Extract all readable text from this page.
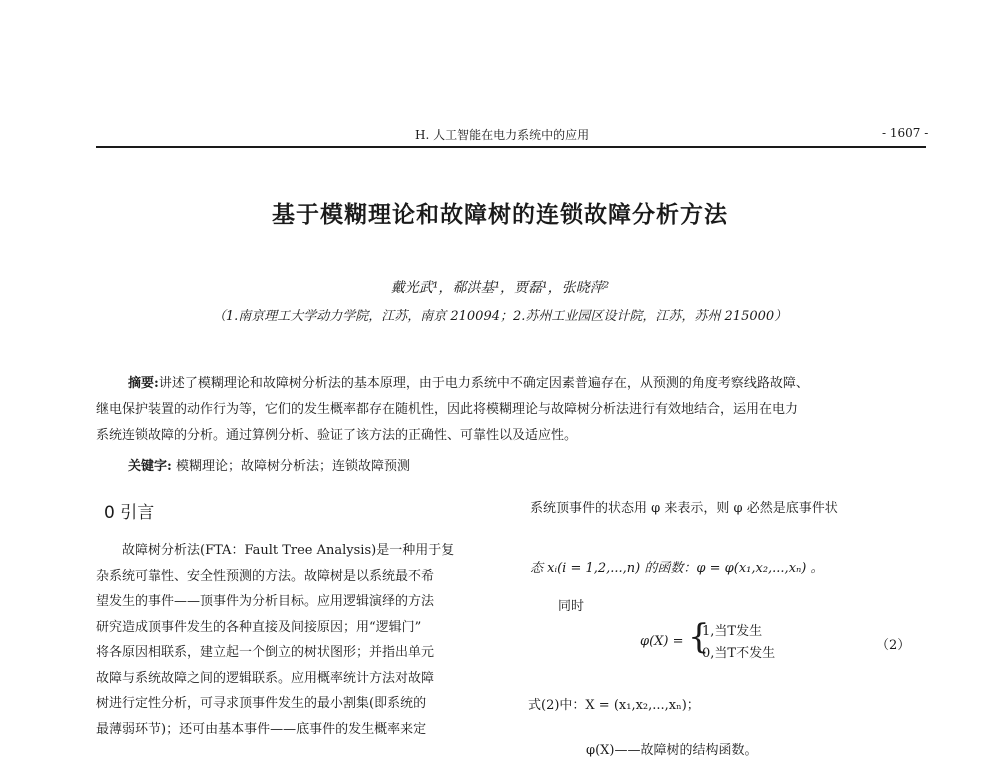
H. 人工智能在电力系统中的应用	- 1607 -
基于模糊理论和故障树的连锁故障分析方法
戴光武¹，郗洪基¹，贾磊¹，张晓萍²
（1.南京理工大学动力学院，江苏，南京 210094；2.苏州工业园区设计院，江苏，苏州 215000）
摘要:讲述了模糊理论和故障树分析法的基本原理，由于电力系统中不确定因素普遍存在，从预测的角度考察线路故障、
继电保护装置的动作行为等，它们的发生概率都存在随机性，因此将模糊理论与故障树分析法进行有效地结合，运用在电力
系统连锁故障的分析。通过算例分析、验证了该方法的正确性、可靠性以及适应性。
关键字: 模糊理论；故障树分析法；连锁故障预测
0 引言
故障树分析法(FTA：Fault Tree Analysis)是一种用于复
杂系统可靠性、安全性预测的方法。故障树是以系统最不希
望发生的事件——顶事件为分析目标。应用逻辑演绎的方法
研究造成顶事件发生的各种直接及间接原因；用“逻辑门”
将各原因相联系，建立起一个倒立的树状图形；并指出单元
故障与系统故障之间的逻辑联系。应用概率统计方法对故障
树进行定性分析，可寻求顶事件发生的最小割集(即系统的
最薄弱环节)；还可由基本事件——底事件的发生概率来定
系统顶事件的状态用 φ 来表示，则 φ 必然是底事件状
态 xᵢ(i = 1,2,...,n) 的函数：φ = φ(x₁,x₂,...,xₙ) 。
同时
φ(X) = {
1,当T发生
0,当T不发生
（2）
式(2)中：X = (x₁,x₂,...,xₙ)；
φ(X)——故障树的结构函数。
